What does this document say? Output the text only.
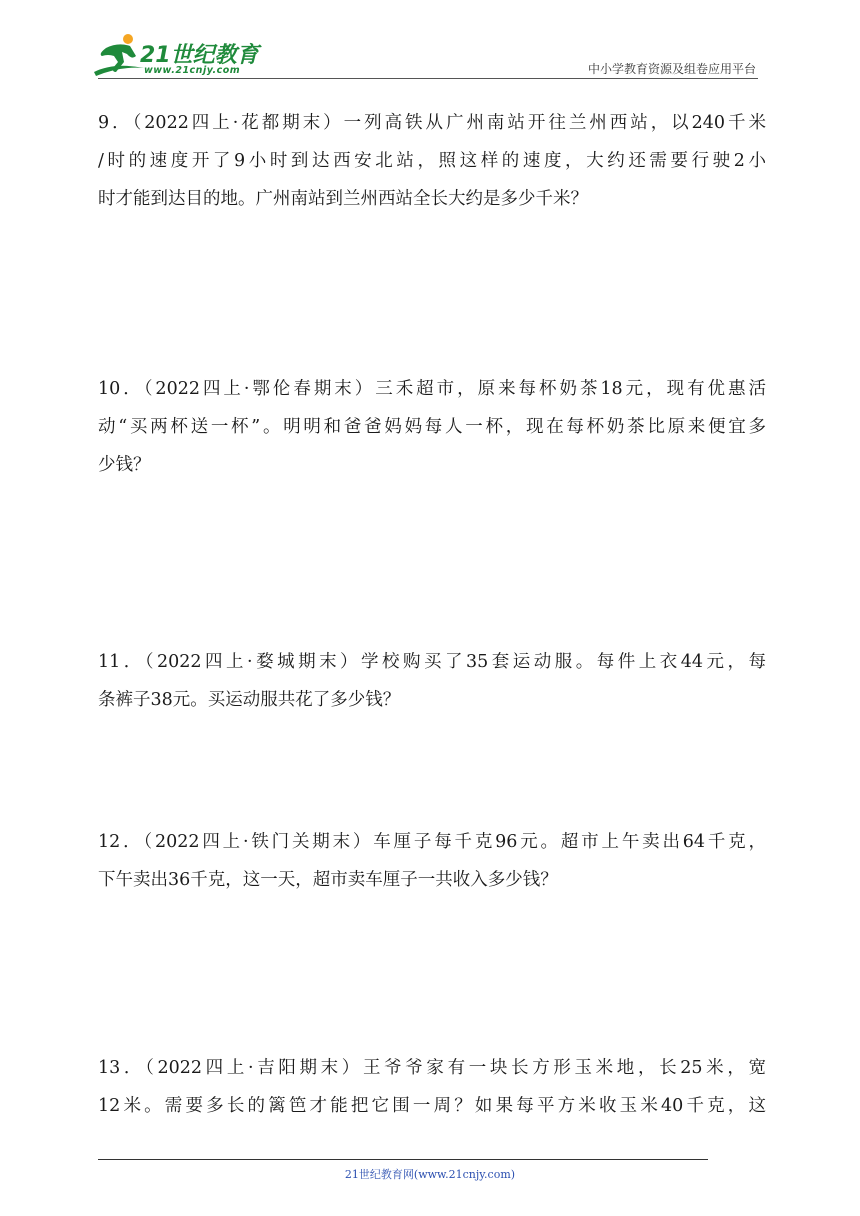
21世纪教育
www.21cnjy.com	中小学教育资源及组卷应用平台

9．（2022四上·花都期末）一列高铁从广州南站开往兰州西站，以240千米
/时的速度开了9小时到达西安北站，照这样的速度，大约还需要行驶2小
时才能到达目的地。广州南站到兰州西站全长大约是多少千米？

10．（2022四上·鄂伦春期末）三禾超市，原来每杯奶茶18元，现有优惠活
动“买两杯送一杯”。明明和爸爸妈妈每人一杯，现在每杯奶茶比原来便宜多
少钱？

11．（2022四上·婺城期末）学校购买了35套运动服。每件上衣44元，每
条裤子38元。买运动服共花了多少钱？

12．（2022四上·铁门关期末）车厘子每千克96元。超市上午卖出64千克，
下午卖出36千克，这一天，超市卖车厘子一共收入多少钱？

13．（2022四上·吉阳期末）王爷爷家有一块长方形玉米地，长25米，宽
12米。需要多长的篱笆才能把它围一周？如果每平方米收玉米40千克，这

21世纪教育网(www.21cnjy.com)
